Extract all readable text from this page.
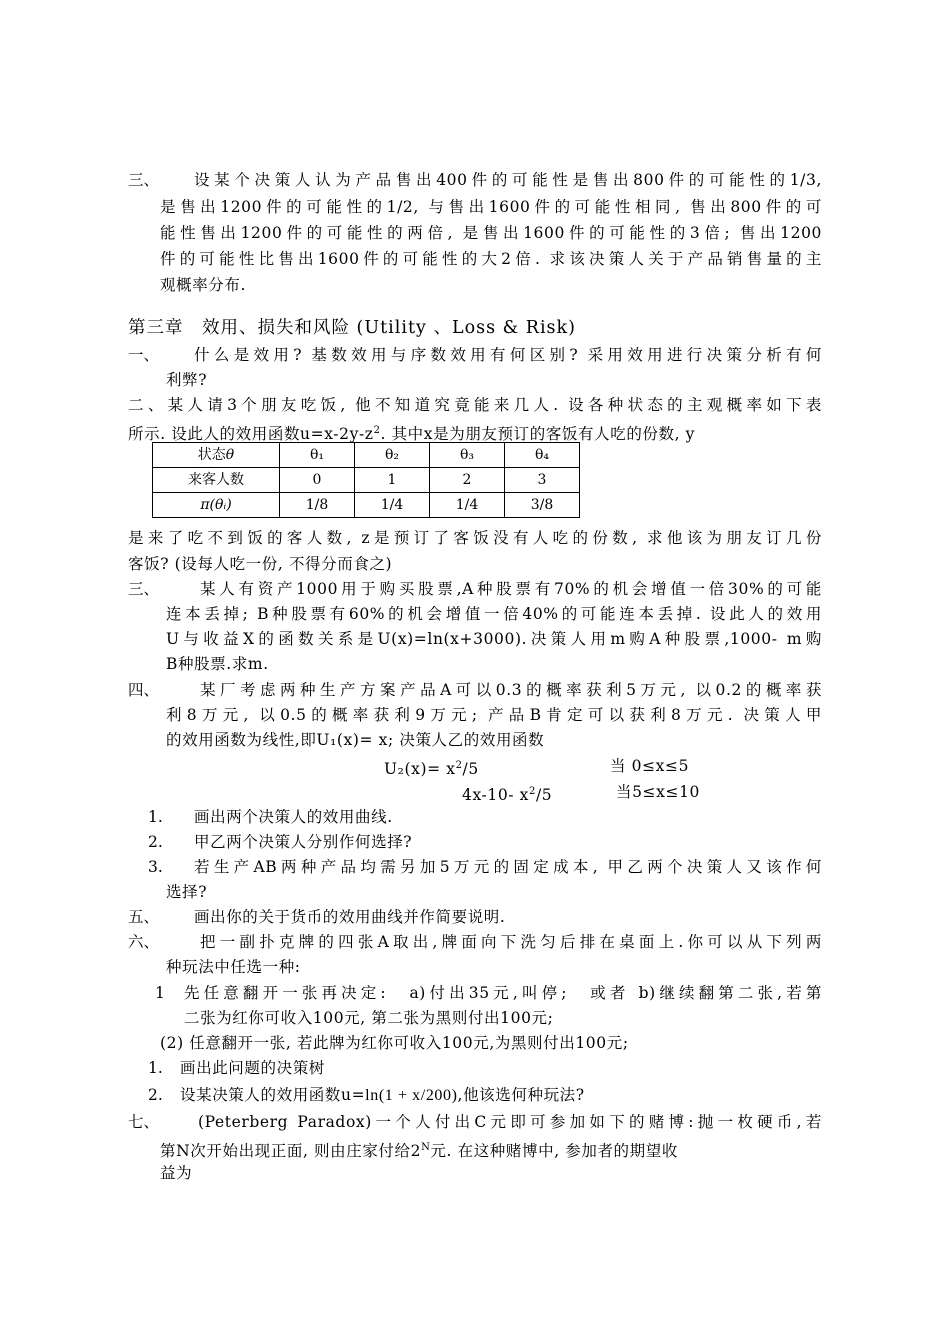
三、 设某个决策人认为产品售出400件的可能性是售出800件的可能性的1/3,
是售出1200件的可能性的1/2, 与售出1600件的可能性相同, 售出800件的可
能性售出1200件的可能性的两倍, 是售出1600件的可能性的3倍; 售出1200
件的可能性比售出1600件的可能性的大2倍. 求该决策人关于产品销售量的主
观概率分布.
第三章　效用、损失和风险 (Utility 、Loss & Risk)
一、 什么是效用? 基数效用与序数效用有何区别? 采用效用进行决策分析有何
利弊?
二、某人请3个朋友吃饭, 他不知道究竟能来几人. 设各种状态的主观概率如下表
所示. 设此人的效用函数$u=x-2y-z^2$. 其中x是为朋友预订的客饭有人吃的份数, y
状态θ	θ₁	θ₂	θ₃	θ₄
来客人数	0	1	2	3
π(θᵢ)	1/8	1/4	1/4	3/8
是来了吃不到饭的客人数, z是预订了客饭没有人吃的份数, 求他该为朋友订几份
客饭? (设每人吃一份, 不得分而食之)
三、	某人有资产1000用于购买股票,A种股票有70%的机会增值一倍30%的可能
连本丢掉; B种股票有60%的机会增值一倍40%的可能连本丢掉. 设此人的效用
U与收益X的函数关系是U(x)=ln(x+3000).决策人用m购A种股票,1000- m购
B种股票.求m.
四、	某厂考虑两种生产方案产品A可以0.3的概率获利5万元, 以0.2的概率获
利8万元, 以0.5的概率获利9万元; 产品B肯定可以获利8万元. 决策人甲
的效用函数为线性,即U₁(x)= x; 决策人乙的效用函数
$U_2(x)= x^2/5$	当 0≤x≤5
4x-10- $x^2/5$	当5≤x≤10
1. 画出两个决策人的效用曲线.
2. 甲乙两个决策人分别作何选择?
3. 若生产AB两种产品均需另加5万元的固定成本, 甲乙两个决策人又该作何
选择?
五、 画出你的关于货币的效用曲线并作简要说明.
六、	把一副扑克牌的四张A取出,牌面向下洗匀后排在桌面上.你可以从下列两
种玩法中任选一种:
1 先任意翻开一张再决定:　a)付出35元,叫停;　或者 b)继续翻第二张,若第
二张为红你可收入100元, 第二张为黑则付出100元;
(2) 任意翻开一张, 若此牌为红你可收入100元,为黑则付出100元;
1. 画出此问题的决策树
2. 设某决策人的效用函数u=ln(1 + x/200),他该选何种玩法?
七、	(Peterberg Paradox)一个人付出C元即可参加如下的赌博:抛一枚硬币,若
第N次开始出现正面, 则由庄家付给$2^N$元. 在这种赌博中, 参加者的期望收
益为
